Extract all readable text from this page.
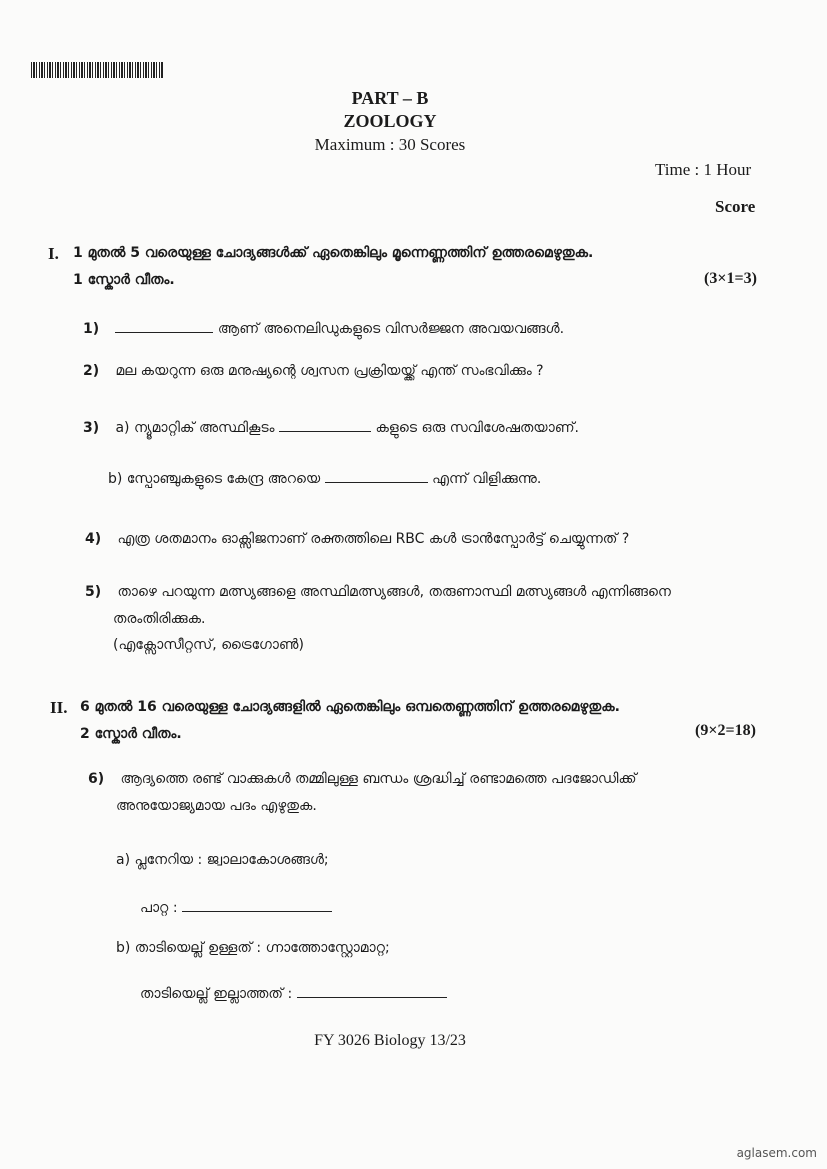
PART – B
ZOOLOGY
Maximum : 30 Scores
Time : 1 Hour
Score
I. 1 മുതൽ 5 വരെയുള്ള ചോദ്യങ്ങൾക്ക് ഏതെങ്കിലും മൂന്നെണ്ണത്തിന് ഉത്തരമെഴുതുക.
1 സ്കോർ വീതം.	(3×1=3)
1)	ആണ് അനെലിഡുകളുടെ വിസർജ്ജന അവയവങ്ങൾ.
2) മല കയറുന്ന ഒരു മനുഷ്യന്റെ ശ്വസന പ്രക്രിയയ്ക്ക് എന്ത് സംഭവിക്കും ?
3) a) ന്യൂമാറ്റിക് അസ്ഥികൂടം	കളുടെ ഒരു സവിശേഷതയാണ്.
b) സ്പോഞ്ചുകളുടെ കേന്ദ്ര അറയെ	എന്ന് വിളിക്കുന്നു.
4) എത്ര ശതമാനം ഓക്സിജനാണ് രക്തത്തിലെ RBC കൾ ട്രാൻസ്പോർട്ട് ചെയ്യുന്നത് ?
5) താഴെ പറയുന്ന മത്സ്യങ്ങളെ അസ്ഥിമത്സ്യങ്ങൾ, തരുണാസ്ഥി മത്സ്യങ്ങൾ എന്നിങ്ങനെ
തരംതിരിക്കുക.
(എക്സോസീറ്റസ്, ട്രൈഗോൺ)
II. 6 മുതൽ 16 വരെയുള്ള ചോദ്യങ്ങളിൽ ഏതെങ്കിലും ഒമ്പതെണ്ണത്തിന് ഉത്തരമെഴുതുക.
2 സ്കോർ വീതം.	(9×2=18)
6) ആദ്യത്തെ രണ്ട് വാക്കുകൾ തമ്മിലുള്ള ബന്ധം ശ്രദ്ധിച്ച് രണ്ടാമത്തെ പദജോഡിക്ക്
അനുയോജ്യമായ പദം എഴുതുക.
a) പ്ലനേറിയ : ജ്വാലാകോശങ്ങൾ;
പാറ്റ :
b) താടിയെല്ല് ഉള്ളത് : ഗ്നാത്തോസ്റ്റോമാറ്റ;
താടിയെല്ല് ഇല്ലാത്തത് :
FY 3026 Biology 13/23
aglasem.com
